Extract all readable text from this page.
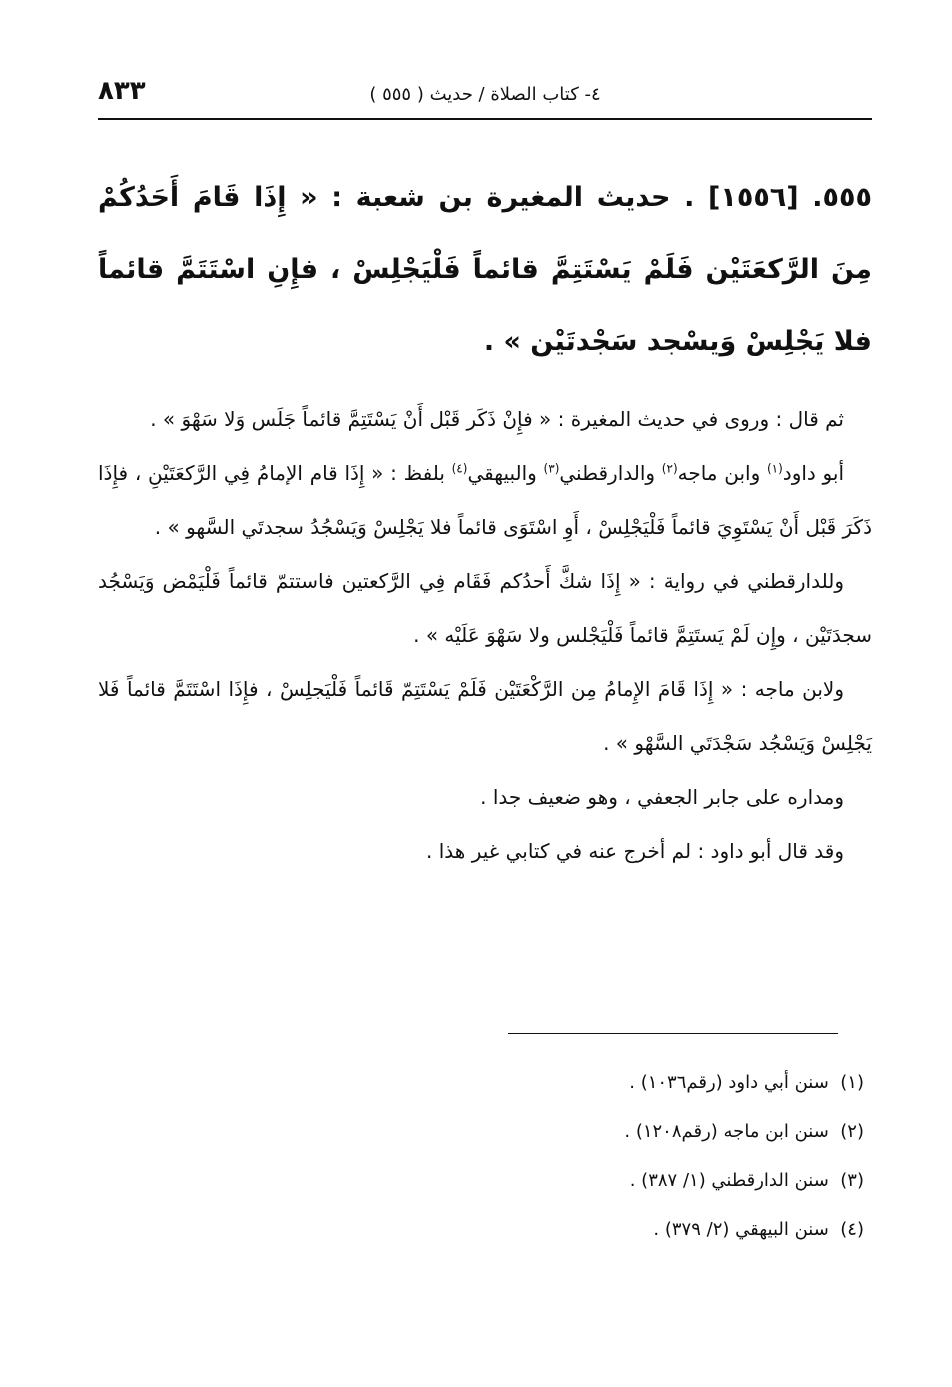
٨٣٣	٤- كتاب الصلاة / حديث ( ٥٥٥ )

٥٥٥. [١٥٥٦] . حديث المغيرة بن شعبة : « إِذَا قَامَ أَحَدُكُمْ مِنَ الرَّكعَتَيْن فَلَمْ يَسْتَتِمَّ قائماً فَلْيَجْلِسْ ، فإِنِ اسْتَتَمَّ قائماً فلا يَجْلِسْ وَيسْجد سَجْدتَيْن » .

ثم قال : وروى في حديث المغيرة : « فإِنْ ذَكَر قَبْل أَنْ يَسْتَتِمَّ قائماً جَلَس وَلا سَهْوَ » .

أبو داود$^{(١)}$ وابن ماجه$^{(٢)}$ والدارقطني$^{(٣)}$ والبيهقي$^{(٤)}$ بلفظ : « إِذَا قام الإمامُ فِي الرَّكعَتَيْنِ ، فإِذَا ذَكَرَ قَبْل أَنْ يَسْتَوِيَ قائماً فَلْيَجْلِسْ ، أَوِ اسْتَوَى قائماً فلا يَجْلِسْ وَيَسْجُدُ سجدتَي السَّهو » .

وللدارقطني في رواية : « إِذَا شكَّ أَحدُكم فَقَام فِي الرَّكعتين فاستتمّ قائماً فَلْيَمْض وَيَسْجُد سجدَتَيْن ، وإِن لَمْ يَستَتِمَّ قائماً فَلْيَجْلس ولا سَهْوَ عَلَيْه » .

ولابن ماجه : « إِذَا قَامَ الإِمامُ مِن الرَّكْعَتَيْن فَلَمْ يَسْتَتِمّ قَائماً فَلْيَجلِسْ ، فإِذَا اسْتَتَمَّ قائماً فَلا يَجْلِسْ وَيَسْجُد سَجْدَتَي السَّهْو » .

ومداره على جابر الجعفي ، وهو ضعيف جدا .

وقد قال أبو داود : لم أخرج عنه في كتابي غير هذا .

(١)  سنن أبي داود (رقم١٠٣٦) .
(٢)  سنن ابن ماجه (رقم١٢٠٨) .
(٣)  سنن الدارقطني (١/ ٣٨٧) .
(٤)  سنن البيهقي (٢/ ٣٧٩) .
